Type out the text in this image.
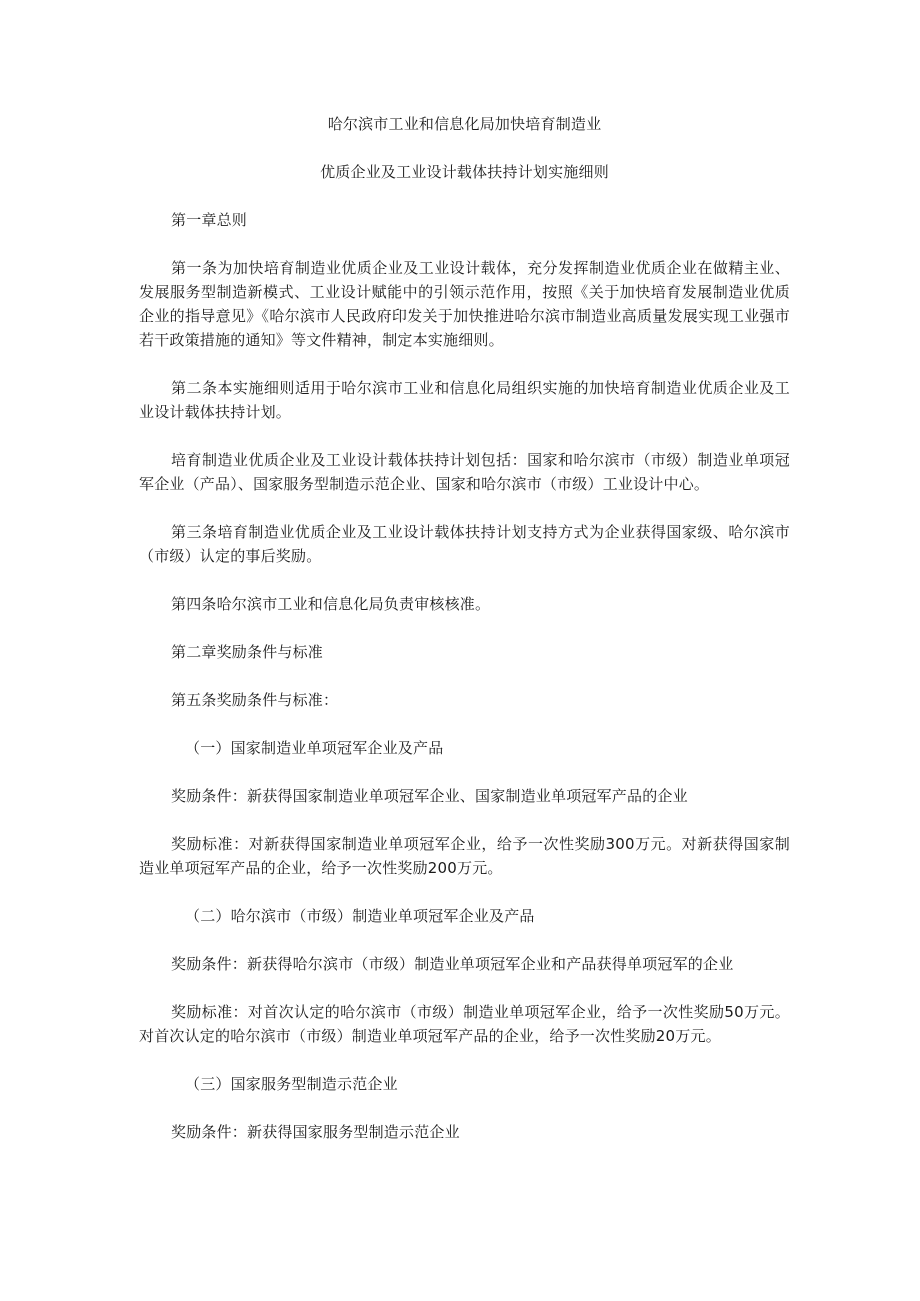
哈尔滨市工业和信息化局加快培育制造业

优质企业及工业设计载体扶持计划实施细则

第一章总则

第一条为加快培育制造业优质企业及工业设计载体，充分发挥制造业优质企业在做精主业、发展服务型制造新模式、工业设计赋能中的引领示范作用，按照《关于加快培育发展制造业优质企业的指导意见》《哈尔滨市人民政府印发关于加快推进哈尔滨市制造业高质量发展实现工业强市若干政策措施的通知》等文件精神，制定本实施细则。

第二条本实施细则适用于哈尔滨市工业和信息化局组织实施的加快培育制造业优质企业及工业设计载体扶持计划。

培育制造业优质企业及工业设计载体扶持计划包括：国家和哈尔滨市（市级）制造业单项冠军企业（产品）、国家服务型制造示范企业、国家和哈尔滨市（市级）工业设计中心。

第三条培育制造业优质企业及工业设计载体扶持计划支持方式为企业获得国家级、哈尔滨市（市级）认定的事后奖励。

第四条哈尔滨市工业和信息化局负责审核核准。

第二章奖励条件与标准

第五条奖励条件与标准：

（一）国家制造业单项冠军企业及产品

奖励条件：新获得国家制造业单项冠军企业、国家制造业单项冠军产品的企业

奖励标准：对新获得国家制造业单项冠军企业，给予一次性奖励300万元。对新获得国家制造业单项冠军产品的企业，给予一次性奖励200万元。

（二）哈尔滨市（市级）制造业单项冠军企业及产品

奖励条件：新获得哈尔滨市（市级）制造业单项冠军企业和产品获得单项冠军的企业

奖励标准：对首次认定的哈尔滨市（市级）制造业单项冠军企业，给予一次性奖励50万元。对首次认定的哈尔滨市（市级）制造业单项冠军产品的企业，给予一次性奖励20万元。

（三）国家服务型制造示范企业

奖励条件：新获得国家服务型制造示范企业
